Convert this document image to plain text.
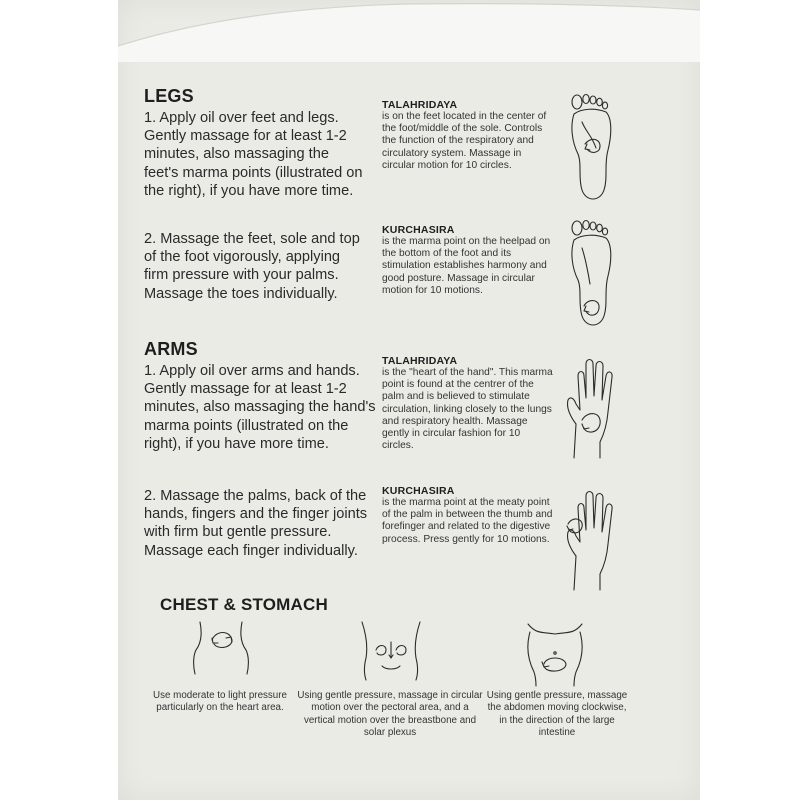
LEGS
1. Apply oil over feet and legs. Gently massage for at least 1-2 minutes, also massaging the feet's marma points (illustrated on the right), if you have more time.
2. Massage the feet, sole and top of the foot vigorously, applying firm pressure with your palms. Massage the toes individually.
TALAHRIDAYA
is on the feet located in the center of the foot/middle of the sole. Controls the function of the respiratory and circulatory system. Massage in circular motion for 10 circles.
KURCHASIRA
is the marma point on the heelpad on the bottom of the foot and its stimulation establishes harmony and good posture. Massage in circular motion for 10 motions.
ARMS
1. Apply oil over arms and hands. Gently massage for at least 1-2 minutes, also massaging the hand's marma points (illustrated on the right), if you have more time.
2. Massage the palms, back of the hands, fingers and the finger joints with firm but gentle pressure. Massage each finger individually.
TALAHRIDAYA
is the "heart of the hand". This marma point is found at the centrer of the palm and is believed to stimulate circulation, linking closely to the lungs and respiratory health. Massage gently in circular fashion for 10 circles.
KURCHASIRA
is the marma point at the meaty point of the palm in between the thumb and forefinger and related to the digestive process. Press gently for 10 motions.
CHEST & STOMACH
Use moderate to light pressure particularly on the heart area.
Using gentle pressure, massage in circular motion over the pectoral area, and a vertical motion over the breastbone and solar plexus
Using gentle pressure, massage the abdomen moving clockwise, in the direction of the large intestine
